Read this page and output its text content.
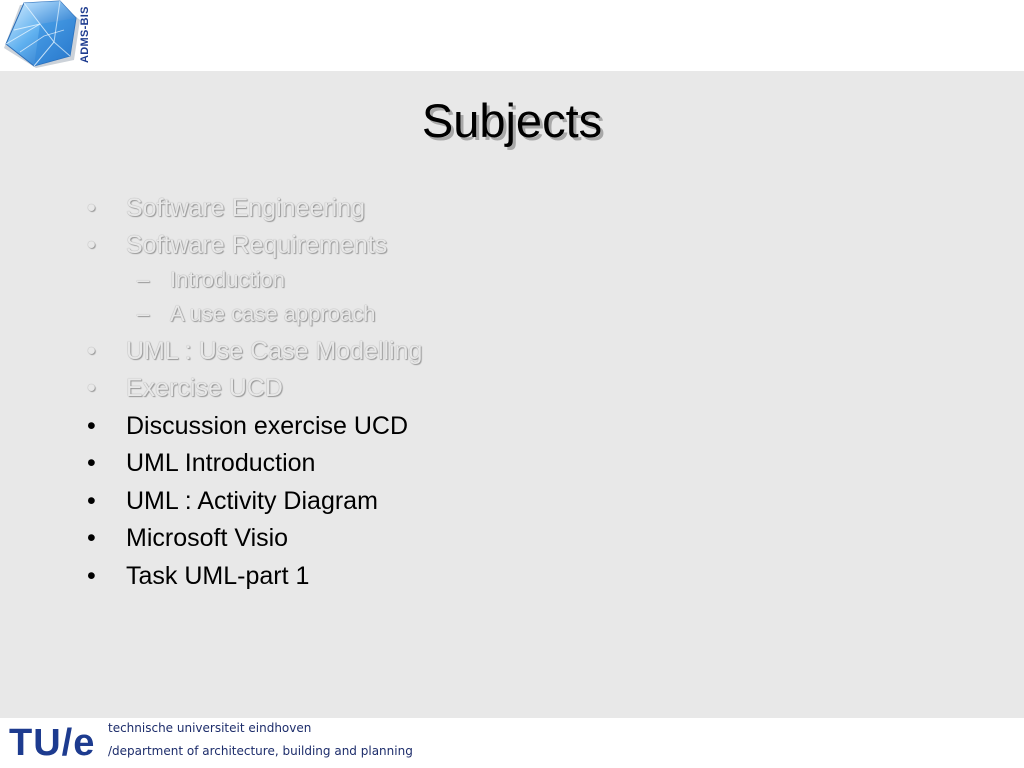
ADMS-BIS
Subjects
• Software Engineering
• Software Requirements
– Introduction
– A use case approach
• UML : Use Case Modelling
• Exercise UCD
• Discussion exercise UCD
• UML Introduction
• UML : Activity Diagram
• Microsoft Visio
• Task UML-part 1
TU/e technische universiteit eindhoven
/department of architecture, building and planning
